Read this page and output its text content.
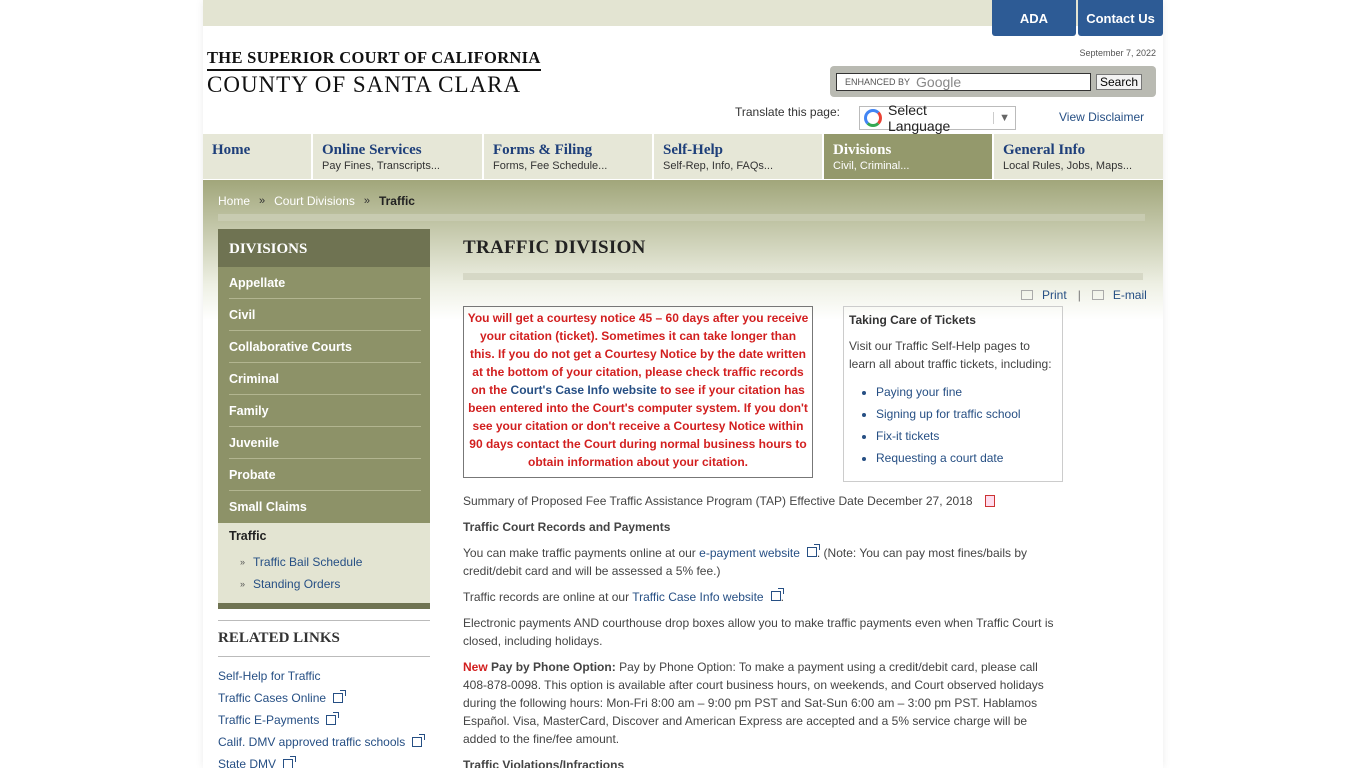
ADA	Contact Us
THE SUPERIOR COURT OF CALIFORNIA
COUNTY OF SANTA CLARA
September 7, 2022
ENHANCED BY Google	Search
Translate this page:	Select Language	▼	View Disclaimer
Home	Online Services
Pay Fines, Transcripts...
Forms & Filing
Forms, Fee Schedule...
Self-Help
Self-Rep, Info, FAQs...
Divisions
Civil, Criminal...
General Info
Local Rules, Jobs, Maps...
Home » Court Divisions » Traffic
DIVISIONS
Appellate
Civil
Collaborative Courts
Criminal
Family
Juvenile
Probate
Small Claims
Traffic
» Traffic Bail Schedule
» Standing Orders
RELATED LINKS
Self-Help for Traffic
Traffic Cases Online
Traffic E-Payments
Calif. DMV approved traffic schools
State DMV
TRAFFIC DIVISION
Print |	E-mail
You will get a courtesy notice 45 – 60 days after you receive your citation (ticket). Sometimes it can take longer than this. If you do not get a Courtesy Notice by the date written at the bottom of your citation, please check traffic records on the Court's Case Info website to see if your citation has been entered into the Court's computer system. If you don't see your citation or don't receive a Courtesy Notice within 90 days contact the Court during normal business hours to obtain information about your citation.
Taking Care of Tickets

Visit our Traffic Self-Help pages to learn all about traffic tickets, including:

• Paying your fine
• Signing up for traffic school
• Fix-it tickets
• Requesting a court date

Summary of Proposed Fee Traffic Assistance Program (TAP) Effective Date December 27, 2018

Traffic Court Records and Payments

You can make traffic payments online at our e-payment website . (Note: You can pay most fines/bails by credit/debit card and will be assessed a 5% fee.)

Traffic records are online at our Traffic Case Info website .

Electronic payments AND courthouse drop boxes allow you to make traffic payments even when Traffic Court is closed, including holidays.

New Pay by Phone Option: Pay by Phone Option: To make a payment using a credit/debit card, please call 408-878-0098. This option is available after court business hours, on weekends, and Court observed holidays during the following hours: Mon-Fri 8:00 am – 9:00 pm PST and Sat-Sun 6:00 am – 3:00 pm PST. Hablamos Español. Visa, MasterCard, Discover and American Express are accepted and a 5% service charge will be added to the fine/fee amount.

Traffic Violations/Infractions
